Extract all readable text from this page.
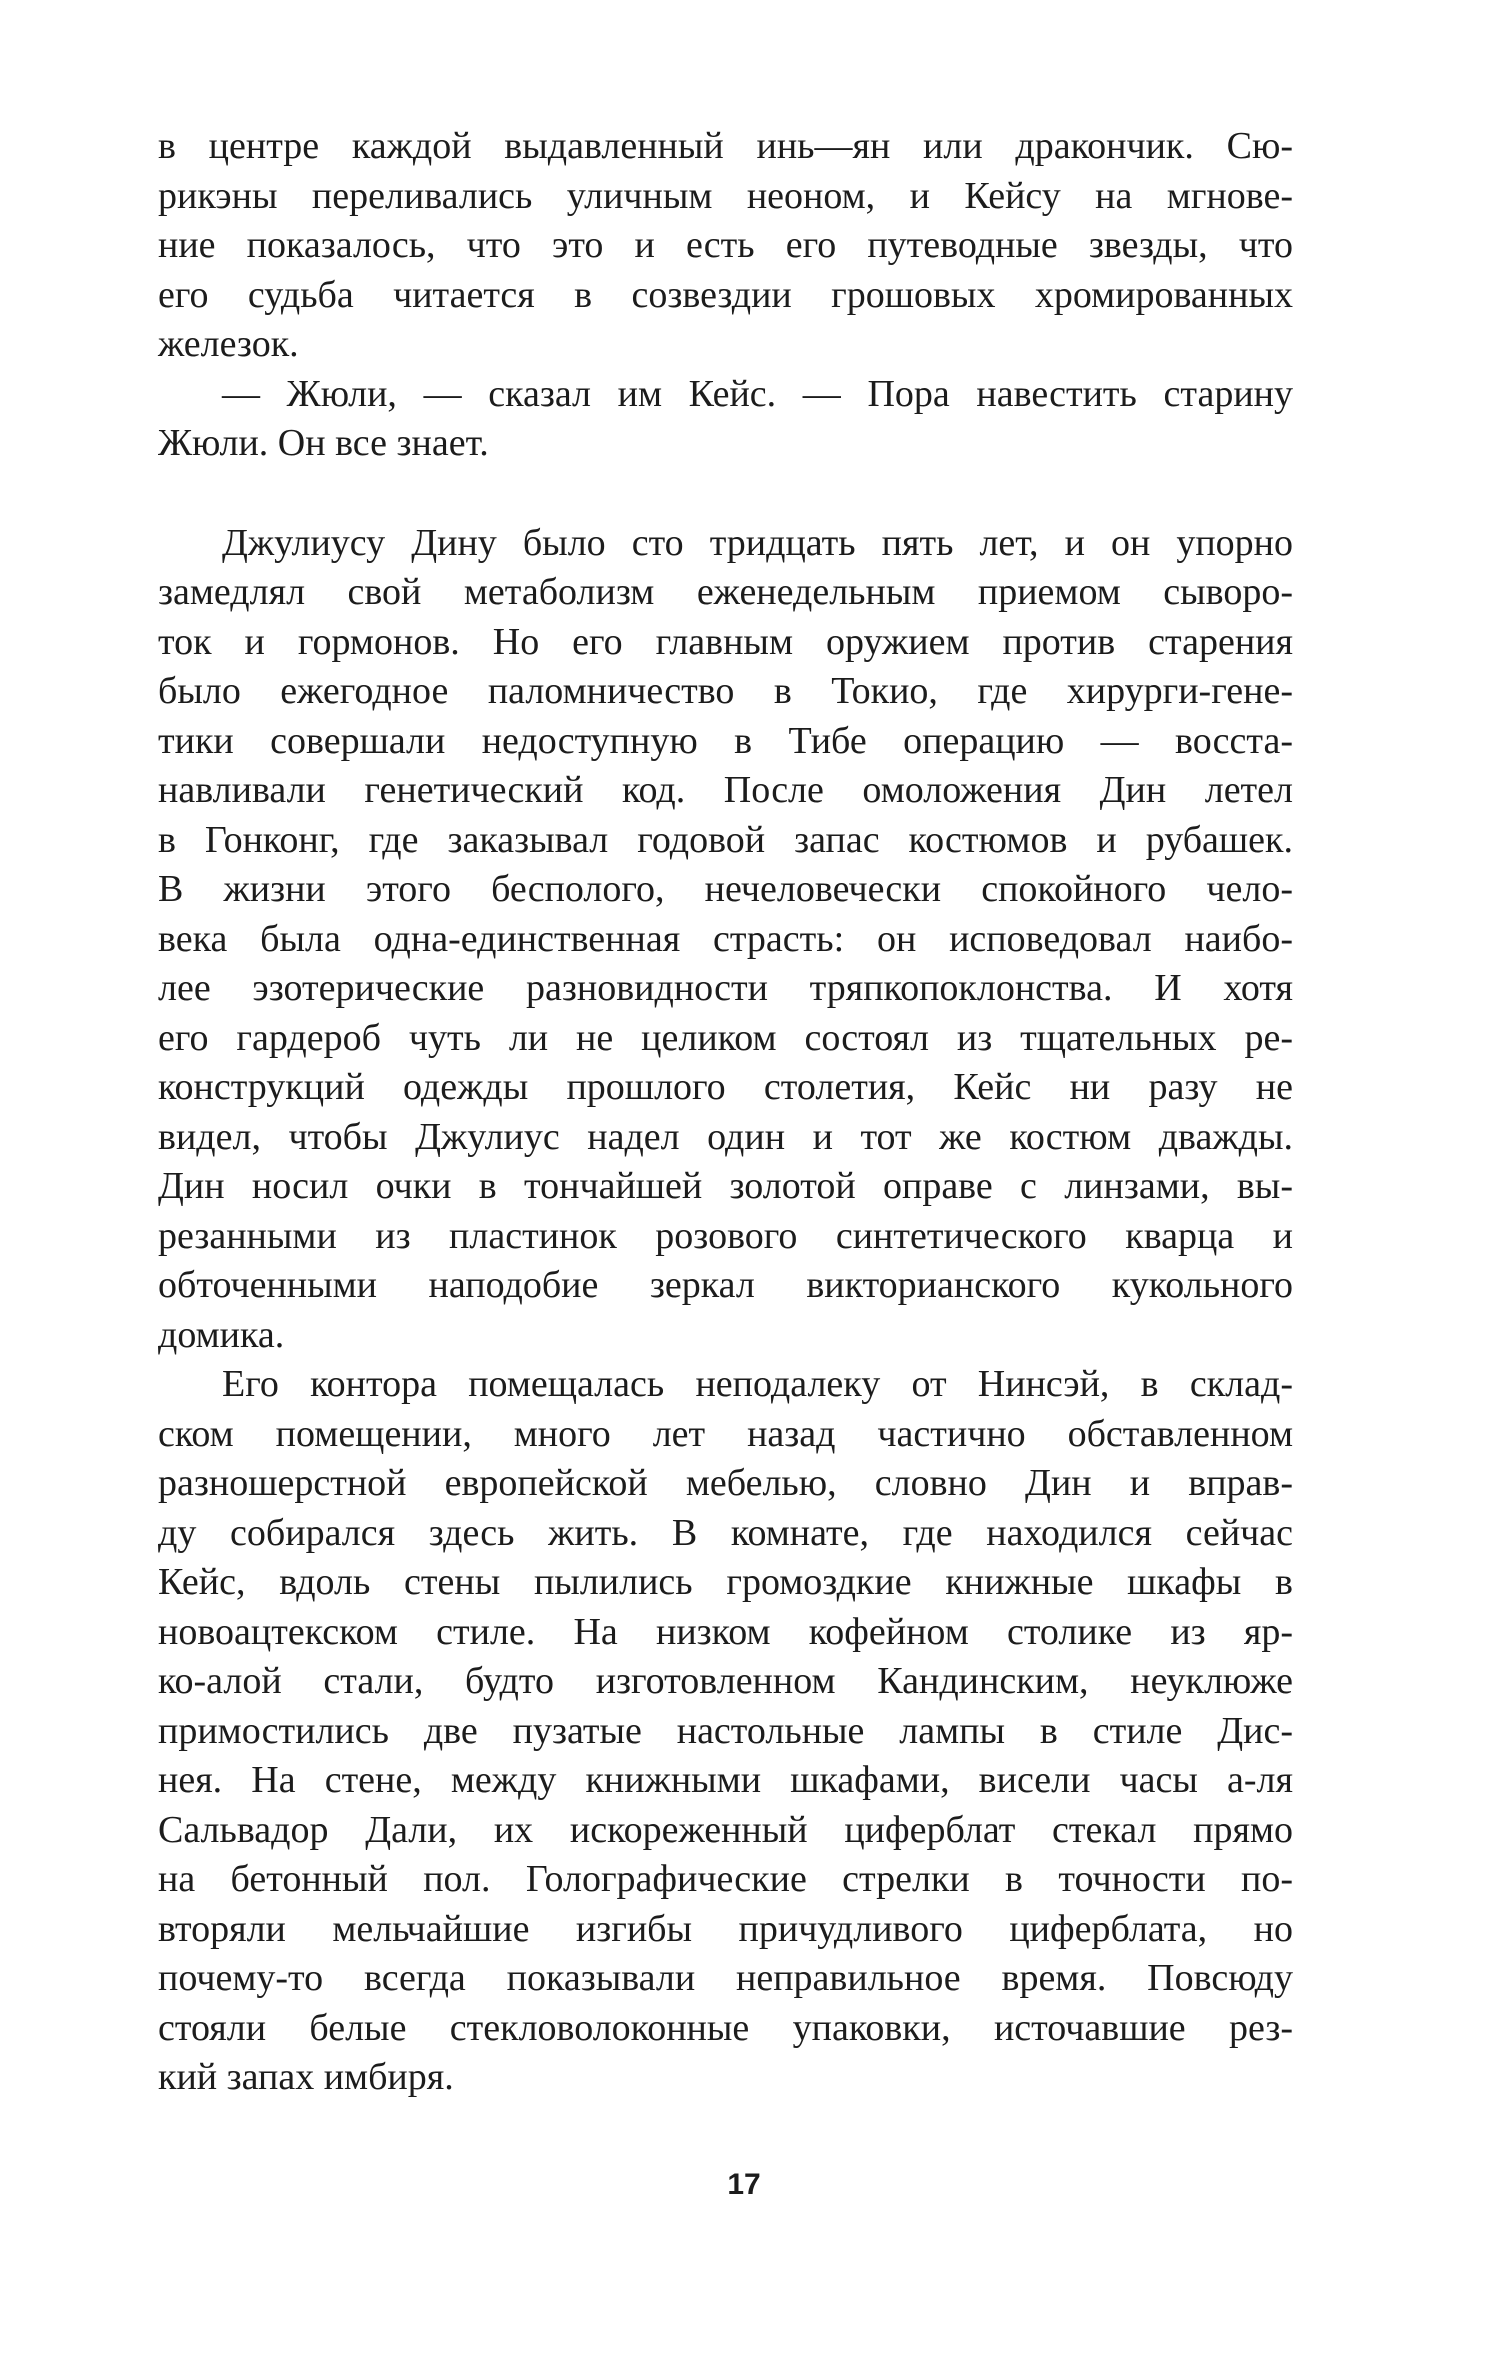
в центре каждой выдавленный инь—ян или дракончик. Сю-
рикэны переливались уличным неоном, и Кейсу на мгнове-
ние показалось, что это и есть его путеводные звезды, что
его судьба читается в созвездии грошовых хромированных
железок.
— Жюли, — сказал им Кейс. — Пора навестить старину
Жюли. Он все знает.
Джулиусу Дину было сто тридцать пять лет, и он упорно
замедлял свой метаболизм еженедельным приемом сыворо-
ток и гормонов. Но его главным оружием против старения
было ежегодное паломничество в Токио, где хирурги-гене-
тики совершали недоступную в Тибе операцию — восста-
навливали генетический код. После омоложения Дин летел
в Гонконг, где заказывал годовой запас костюмов и рубашек.
В жизни этого бесполого, нечеловечески спокойного чело-
века была одна-единственная страсть: он исповедовал наибо-
лее эзотерические разновидности тряпкопоклонства. И хотя
его гардероб чуть ли не целиком состоял из тщательных ре-
конструкций одежды прошлого столетия, Кейс ни разу не
видел, чтобы Джулиус надел один и тот же костюм дважды.
Дин носил очки в тончайшей золотой оправе с линзами, вы-
резанными из пластинок розового синтетического кварца и
обточенными наподобие зеркал викторианского кукольного
домика.
Его контора помещалась неподалеку от Нинсэй, в склад-
ском помещении, много лет назад частично обставленном
разношерстной европейской мебелью, словно Дин и вправ-
ду собирался здесь жить. В комнате, где находился сейчас
Кейс, вдоль стены пылились громоздкие книжные шкафы в
новоацтекском стиле. На низком кофейном столике из яр-
ко-алой стали, будто изготовленном Кандинским, неуклюже
примостились две пузатые настольные лампы в стиле Дис-
нея. На стене, между книжными шкафами, висели часы а-ля
Сальвадор Дали, их искореженный циферблат стекал прямо
на бетонный пол. Голографические стрелки в точности по-
вторяли мельчайшие изгибы причудливого циферблата, но
почему-то всегда показывали неправильное время. Повсюду
стояли белые стекловолоконные упаковки, источавшие рез-
кий запах имбиря.
17
